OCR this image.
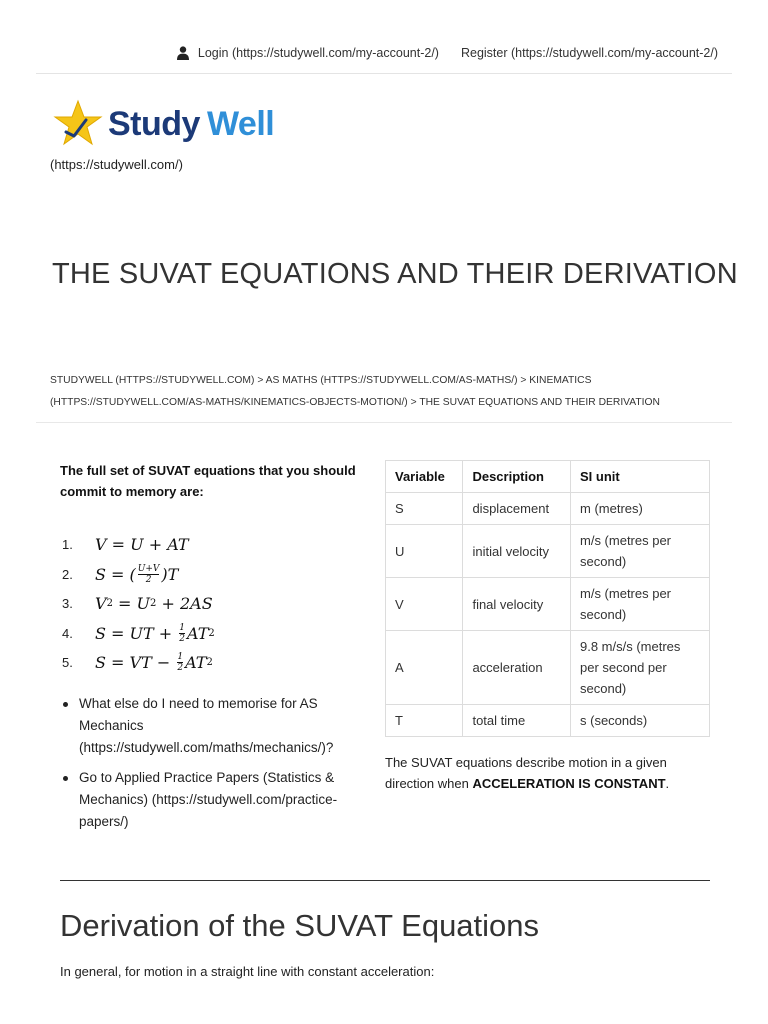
Login (https://studywell.com/my-account-2/) Register (https://studywell.com/my-account-2/)
Study Well
(https://studywell.com/)
THE SUVAT EQUATIONS AND THEIR DERIVATION
STUDYWELL (HTTPS://STUDYWELL.COM) > AS MATHS (HTTPS://STUDYWELL.COM/AS-MATHS/) > KINEMATICS (HTTPS://STUDYWELL.COM/AS-MATHS/KINEMATICS-OBJECTS-MOTION/) > THE SUVAT EQUATIONS AND THEIR DERIVATION

The full set of SUVAT equations that you should commit to memory are:

1.	V = U + AT
2.	S = ( $\frac{U+V}{2} )T$
3.	V 2 = U 2 + 2AS
4.	S = UT + $\frac{1}{2}$ AT 2
5.	S = VT − $\frac{1}{2}$ AT 2
What else do I need to memorise for AS Mechanics (https://studywell.com/maths/mechanics/)?
Go to Applied Practice Papers (Statistics & Mechanics) (https://studywell.com/practice-papers/)
Variable	Description	SI unit
S	displacement	m (metres)
U	initial velocity	m/s (metres per second)
V	final velocity	m/s (metres per second)
A	acceleration	9.8 m/s/s (metres per second per second)
T	total time	s (seconds)

The SUVAT equations describe motion in a given direction when ACCELERATION IS CONSTANT.

Derivation of the SUVAT Equations

In general, for motion in a straight line with constant acceleration:
